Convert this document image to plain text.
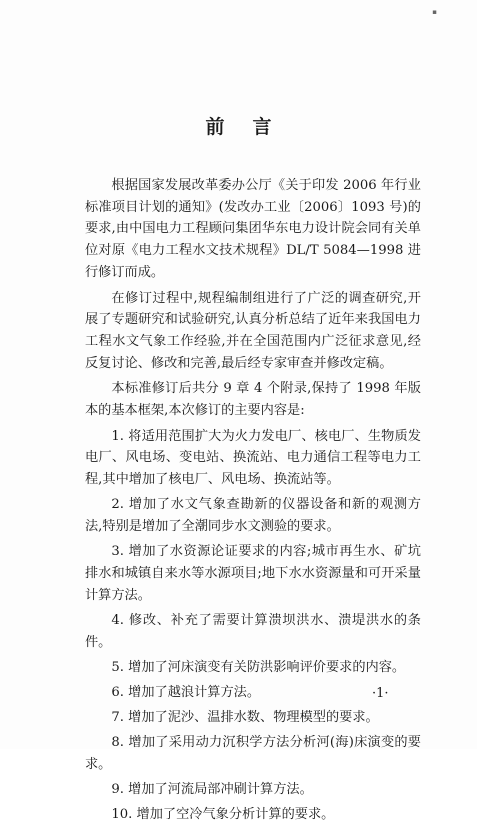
▪
前言

根据国家发展改革委办公厅《关于印发 2006 年行业标准项目计划的通知》(发改办工业〔2006〕1093 号)的要求,由中国电力工程顾问集团华东电力设计院会同有关单位对原《电力工程水文技术规程》DL/T 5084—1998 进行修订而成。

在修订过程中,规程编制组进行了广泛的调查研究,开展了专题研究和试验研究,认真分析总结了近年来我国电力工程水文气象工作经验,并在全国范围内广泛征求意见,经反复讨论、修改和完善,最后经专家审查并修改定稿。

本标准修订后共分 9 章 4 个附录,保持了 1998 年版本的基本框架,本次修订的主要内容是:

1. 将适用范围扩大为火力发电厂、核电厂、生物质发电厂、风电场、变电站、换流站、电力通信工程等电力工程,其中增加了核电厂、风电场、换流站等。

2. 增加了水文气象查勘新的仪器设备和新的观测方法,特别是增加了全潮同步水文测验的要求。

3. 增加了水资源论证要求的内容;城市再生水、矿坑排水和城镇自来水等水源项目;地下水水资源量和可开采量计算方法。

4. 修改、补充了需要计算溃坝洪水、溃堤洪水的条件。

5. 增加了河床演变有关防洪影响评价要求的内容。

6. 增加了越浪计算方法。

7. 增加了泥沙、温排水数、物理模型的要求。

8. 增加了采用动力沉积学方法分析河(海)床演变的要求。

9. 增加了河流局部冲刷计算方法。

10. 增加了空冷气象分析计算的要求。

·1·
